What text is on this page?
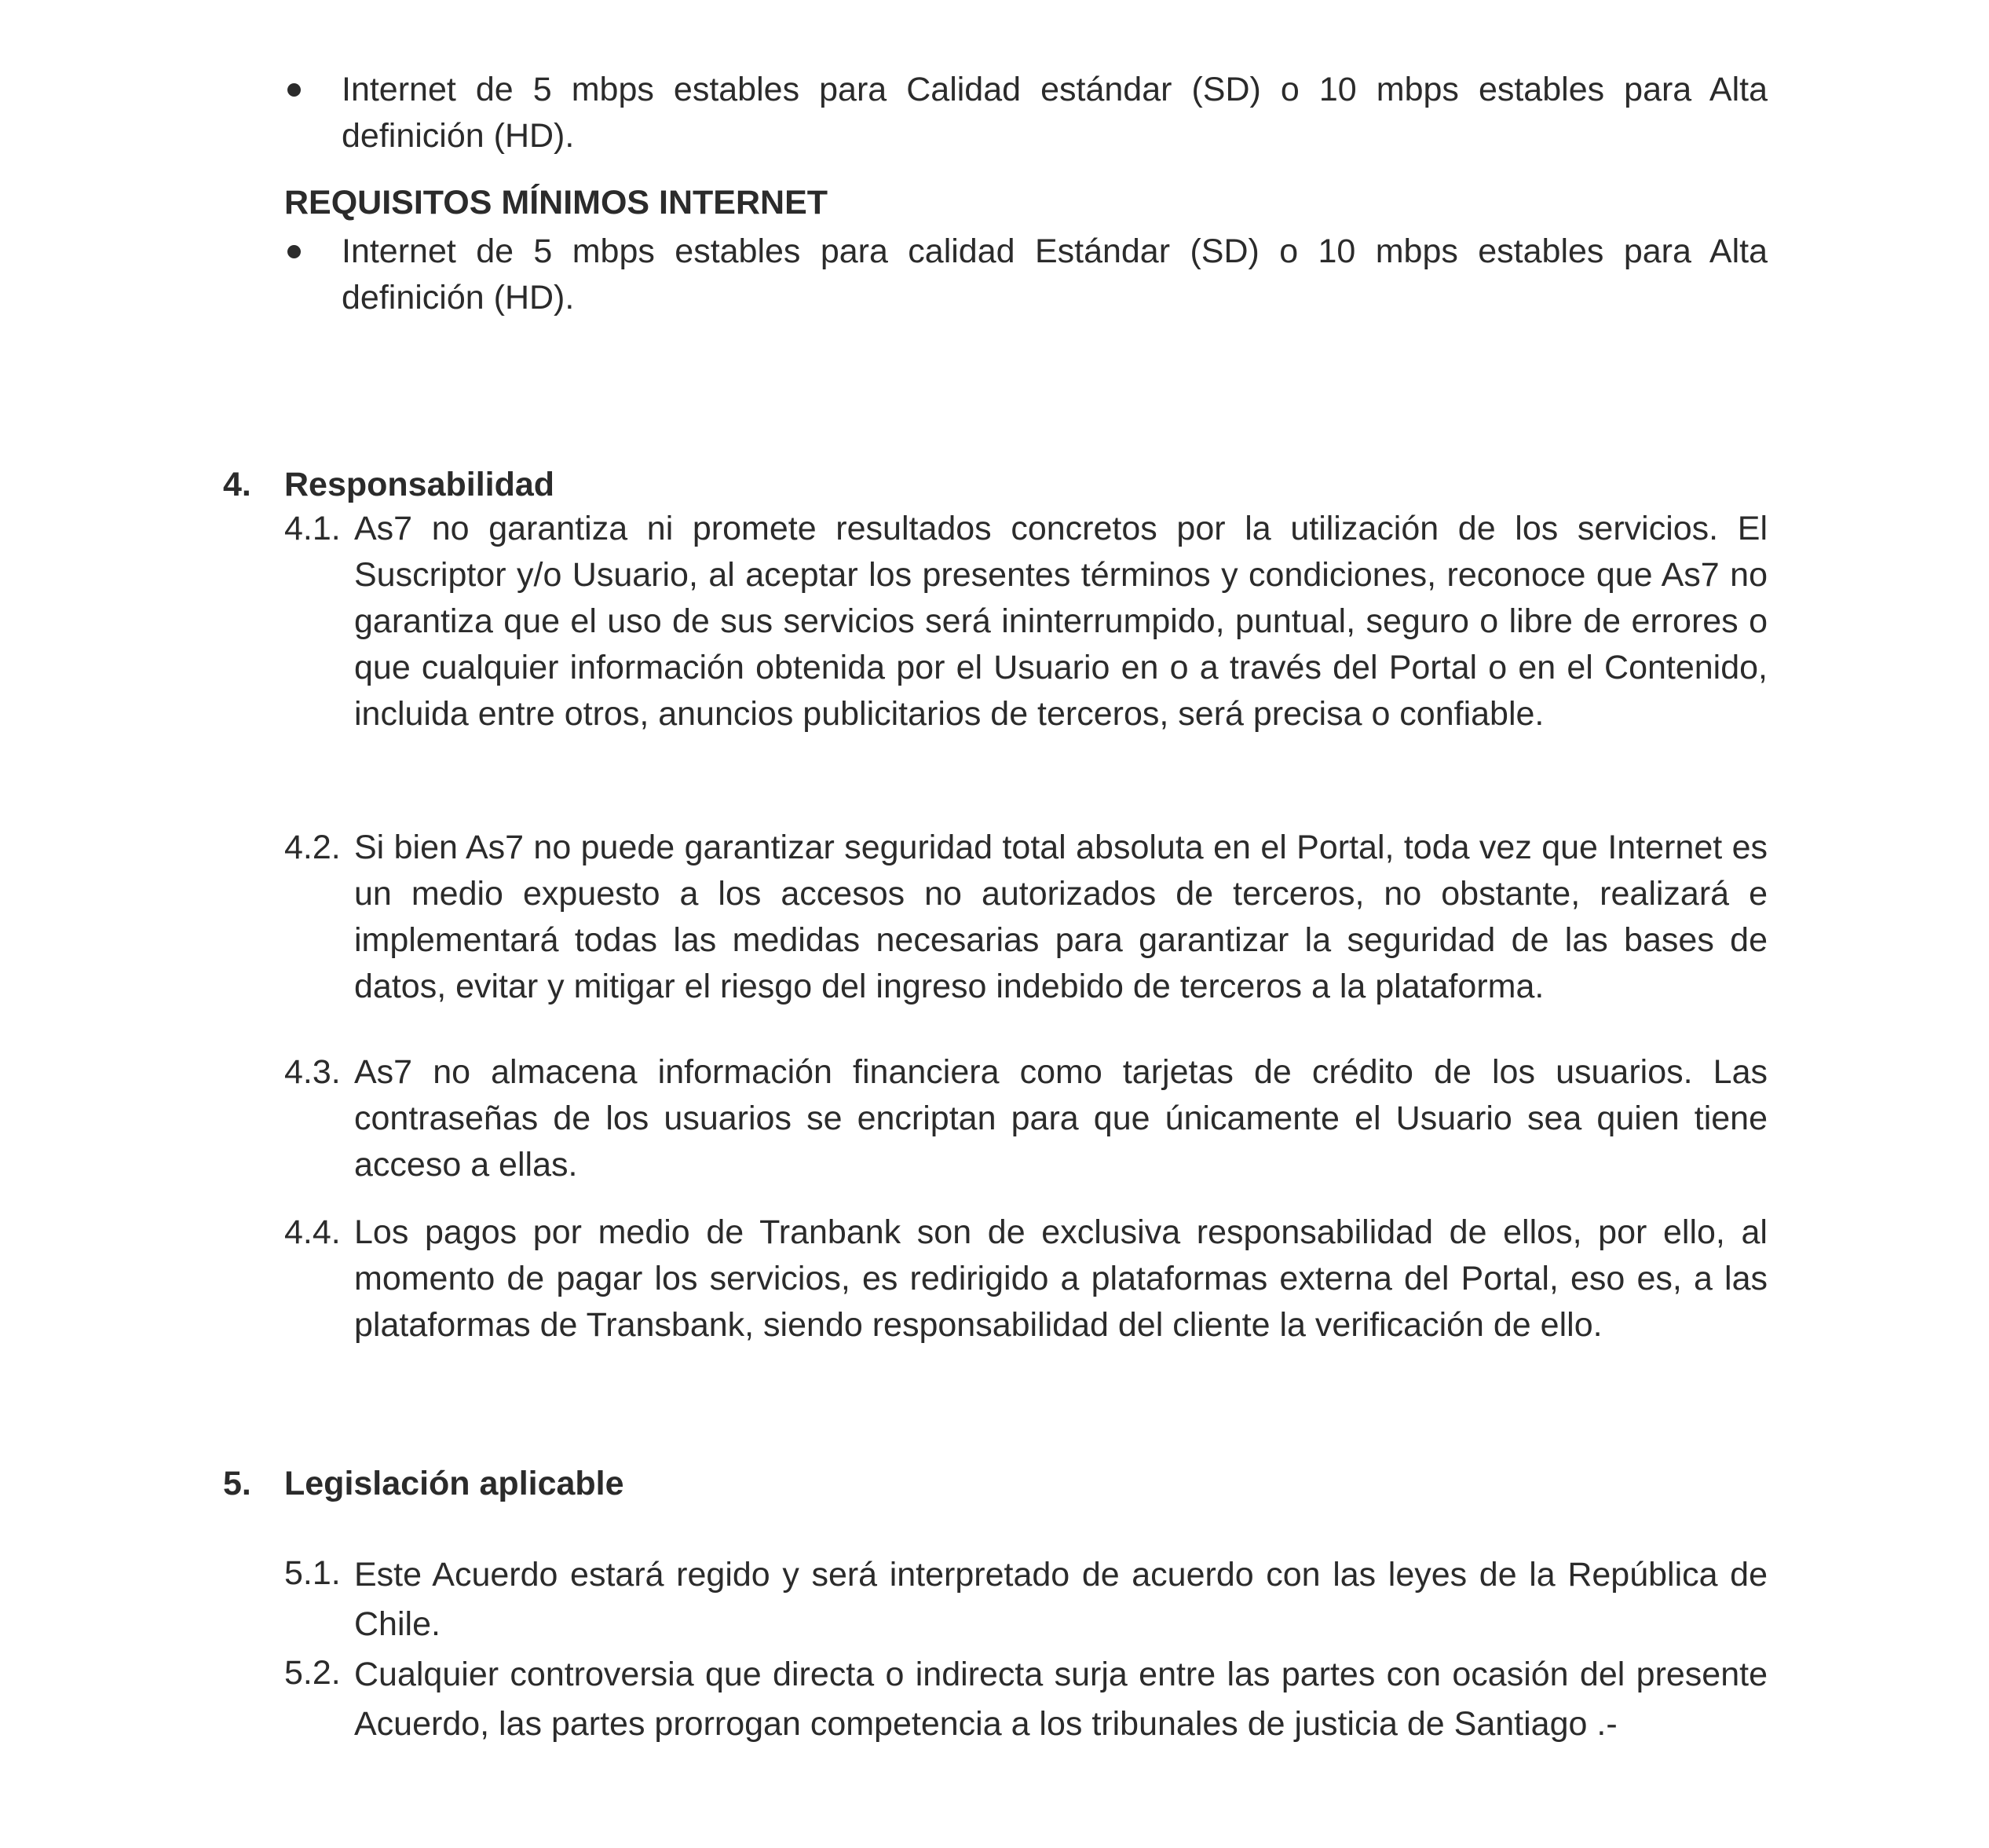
Internet de 5 mbps estables para Calidad estándar (SD) o 10 mbps estables para Alta definición (HD).
REQUISITOS MÍNIMOS INTERNET
Internet de 5 mbps estables para calidad Estándar (SD) o 10 mbps estables para Alta definición (HD).
4. Responsabilidad
4.1. As7 no garantiza ni promete resultados concretos por la utilización de los servicios. El Suscriptor y/o Usuario, al aceptar los presentes términos y condiciones, reconoce que As7 no garantiza que el uso de sus servicios será ininterrumpido, puntual, seguro o libre de errores o que cualquier información obtenida por el Usuario en o a través del Portal o en el Contenido, incluida entre otros, anuncios publicitarios de terceros, será precisa o confiable.
4.2. Si bien As7 no puede garantizar seguridad total absoluta en el Portal, toda vez que Internet es un medio expuesto a los accesos no autorizados de terceros, no obstante, realizará e implementará todas las medidas necesarias para garantizar la seguridad de las bases de datos, evitar y mitigar el riesgo del ingreso indebido de terceros a la plataforma.
4.3. As7 no almacena información financiera como tarjetas de crédito de los usuarios. Las contraseñas de los usuarios se encriptan para que únicamente el Usuario sea quien tiene acceso a ellas.
4.4. Los pagos por medio de Tranbank son de exclusiva responsabilidad de ellos, por ello, al momento de pagar los servicios, es redirigido a plataformas externa del Portal, eso es, a las plataformas de Transbank, siendo responsabilidad del cliente la verificación de ello.
5. Legislación aplicable
5.1. Este Acuerdo estará regido y será interpretado de acuerdo con las leyes de la República de Chile.
5.2. Cualquier controversia que directa o indirecta surja entre las partes con ocasión del presente Acuerdo, las partes prorrogan competencia a los tribunales de justicia de Santiago .-
